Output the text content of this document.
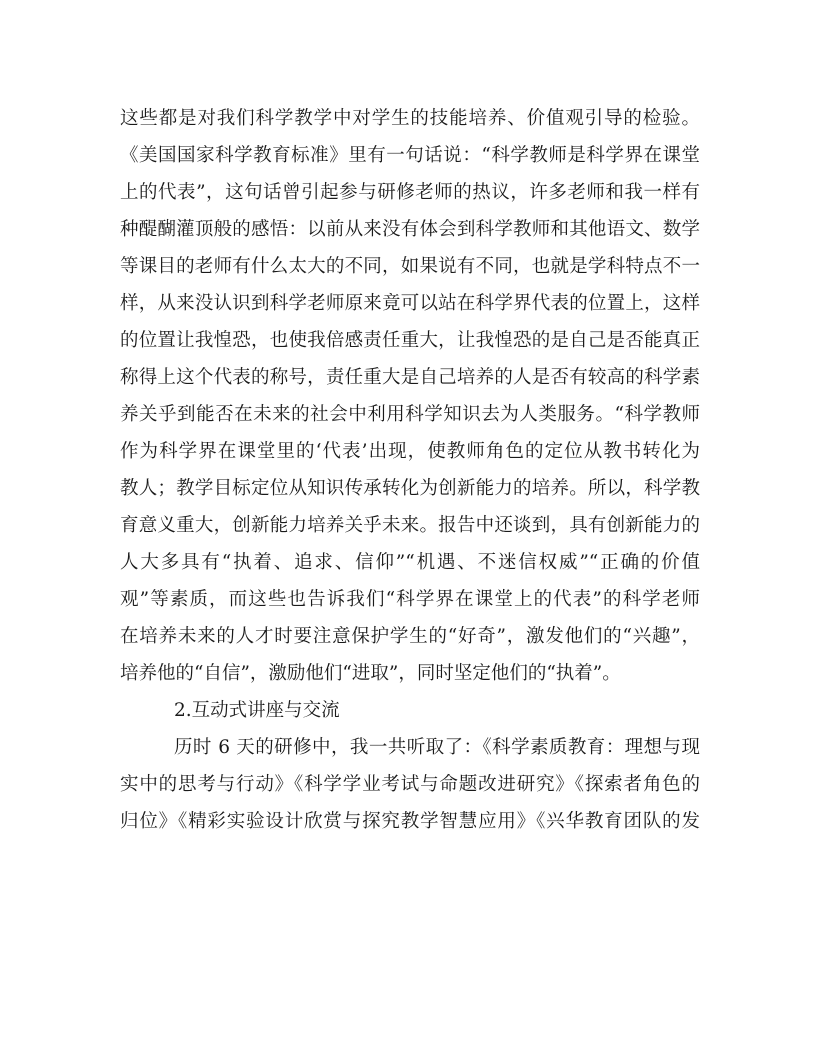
这些都是对我们科学教学中对学生的技能培养、价值观引导的检验。
《美国国家科学教育标准》里有一句话说：“科学教师是科学界在课堂
上的代表”，这句话曾引起参与研修老师的热议，许多老师和我一样有
种醍醐灌顶般的感悟：以前从来没有体会到科学教师和其他语文、数学
等课目的老师有什么太大的不同，如果说有不同，也就是学科特点不一
样，从来没认识到科学老师原来竟可以站在科学界代表的位置上，这样
的位置让我惶恐，也使我倍感责任重大，让我惶恐的是自己是否能真正
称得上这个代表的称号，责任重大是自己培养的人是否有较高的科学素
养关乎到能否在未来的社会中利用科学知识去为人类服务。“科学教师
作为科学界在课堂里的‘代表’出现，使教师角色的定位从教书转化为
教人；教学目标定位从知识传承转化为创新能力的培养。所以，科学教
育意义重大，创新能力培养关乎未来。报告中还谈到，具有创新能力的
人大多具有“执着、追求、信仰”“机遇、不迷信权威”“正确的价值
观”等素质，而这些也告诉我们“科学界在课堂上的代表”的科学老师
在培养未来的人才时要注意保护学生的“好奇”，激发他们的“兴趣”，
培养他的“自信”，激励他们“进取”，同时坚定他们的“执着”。
2.互动式讲座与交流
历时 6 天的研修中，我一共听取了：《科学素质教育：理想与现
实中的思考与行动》《科学学业考试与命题改进研究》《探索者角色的
归位》《精彩实验设计欣赏与探究教学智慧应用》《兴华教育团队的发
